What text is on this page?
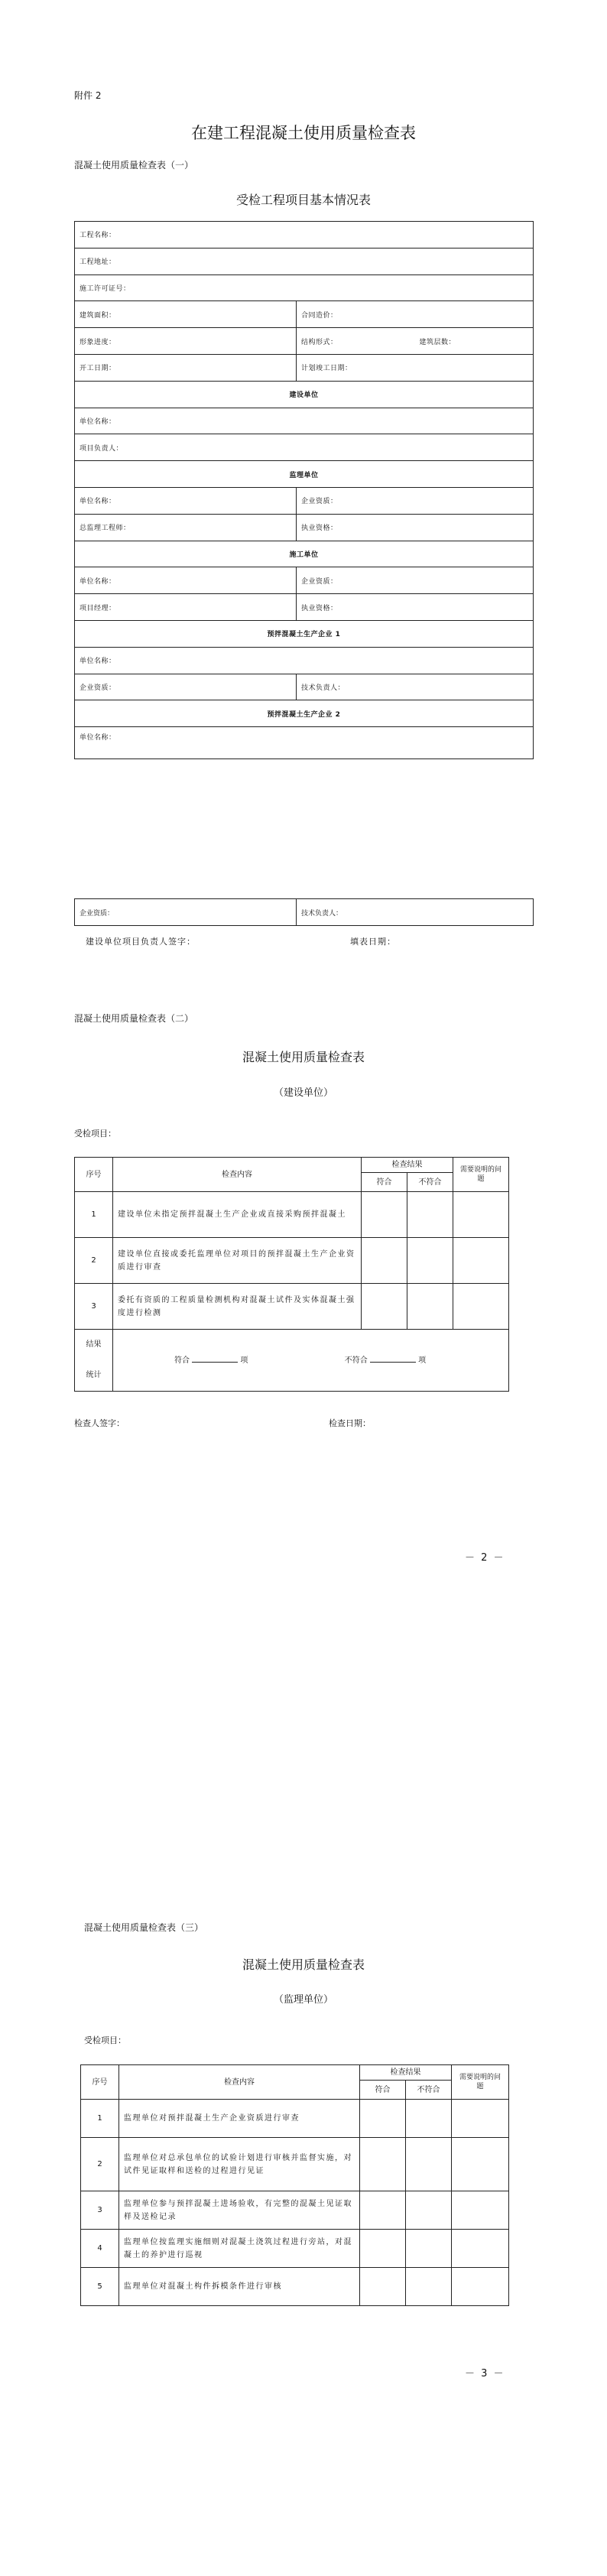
附件 2
在建工程混凝土使用质量检查表
混凝土使用质量检查表（一）
受检工程项目基本情况表
工程名称：		
工程地址：		
施工许可证号：		
建筑面积：	合同造价：	
形象进度：	结构形式：	建筑层数：
开工日期：	计划竣工日期：	
建设单位		
单位名称：		
项目负责人：		
监理单位		
单位名称：	企业资质：	
总监理工程师：	执业资格：	
施工单位		
单位名称：	企业资质：	
项目经理：	执业资格：	
预拌混凝土生产企业 1		
单位名称：		
企业资质：	技术负责人：	
预拌混凝土生产企业 2		
单位名称：		
企业资质：	技术负责人：
建设单位项目负责人签字：	填表日期：
混凝土使用质量检查表（二）
混凝土使用质量检查表
（建设单位）
受检项目：
序号	检查内容	检查结果		需要说明的问题
		符合	不符合	
1	建设单位未指定预拌混凝土生产企业或直接采购预拌混凝土			
2	建设单位直接或委托监理单位对项目的预拌混凝土生产企业资质进行审查			
3	委托有资质的工程质量检测机构对混凝土试件及实体混凝土强度进行检测			
结果
统计	符合 项 不符合 项			
检查人签字：	检查日期：
－ 2 －
混凝土使用质量检查表（三）
混凝土使用质量检查表
（监理单位）
受检项目：
序号	检查内容	检查结果		需要说明的问题
		符合	不符合	
1	监理单位对预拌混凝土生产企业资质进行审查			
2	监理单位对总承包单位的试验计划进行审核并监督实施，对试件见证取样和送检的过程进行见证			
3	监理单位参与预拌混凝土进场验收，有完整的混凝土见证取样及送检记录			
4	监理单位按监理实施细则对混凝土浇筑过程进行旁站，对混凝土的养护进行巡视			
5	监理单位对混凝土构件拆模条件进行审核			
－ 3 －
